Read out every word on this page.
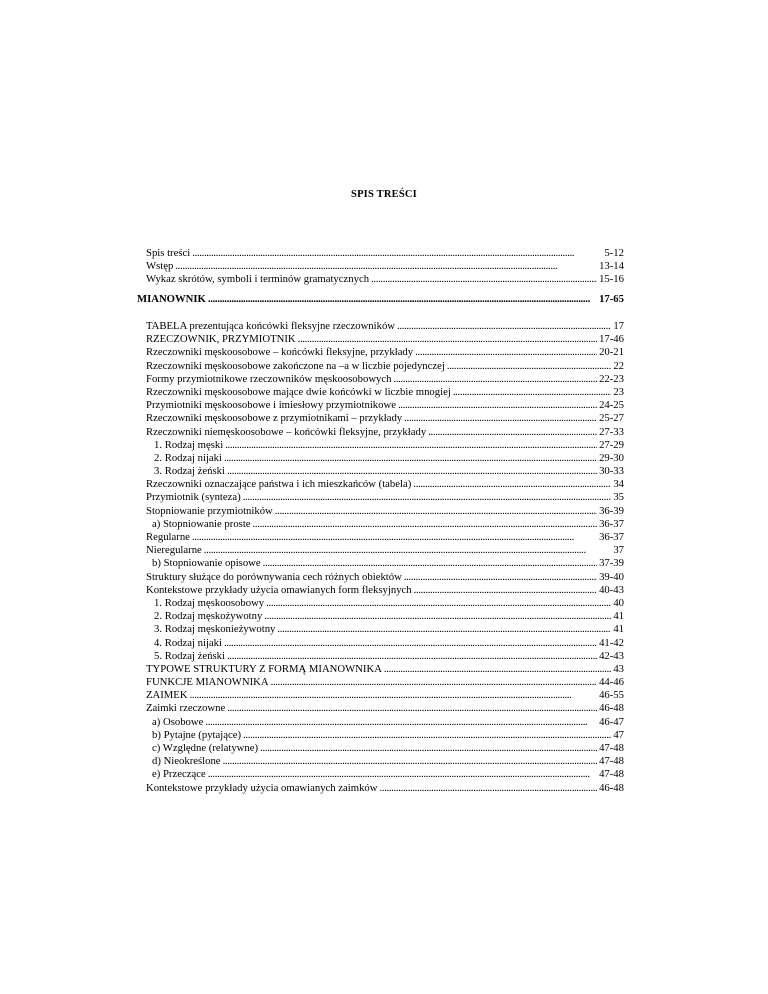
SPIS TREŚCI
Spis treści . . .	5-12
Wstęp . . .	13-14
Wykaz skrótów, symboli i terminów gramatycznych . . .	15-16
MIANOWNIK . . .	17-65
TABELA prezentująca końcówki fleksyjne rzeczowników . . .	17
RZECZOWNIK, PRZYMIOTNIK . . .	17-46
Rzeczowniki męskoosobowe – końcówki fleksyjne, przykłady . . .	20-21
Rzeczowniki męskoosobowe zakończone na –a w liczbie pojedynczej . . .	22
Formy przymiotnikowe rzeczowników męskoosobowych . . .	22-23
Rzeczowniki męskoosobowe mające dwie końcówki w liczbie mnogiej . . .	23
Przymiotniki męskoosobowe i imiesłowy przymiotnikowe . . .	24-25
Rzeczowniki męskoosobowe z przymiotnikami – przykłady . . .	25-27
Rzeczowniki niemęskoosobowe – końcówki fleksyjne, przykłady . . .	27-33
1. Rodzaj męski . . .	27-29
2. Rodzaj nijaki . . .	29-30
3. Rodzaj żeński . . .	30-33
Rzeczowniki oznaczające państwa i ich mieszkańców (tabela) . . .	34
Przymiotnik (synteza) . . .	35
Stopniowanie przymiotników . . .	36-39
a) Stopniowanie proste . . .	36-37
Regularne . . .	36-37
Nieregularne . . .	37
b) Stopniowanie opisowe . . .	37-39
Struktury służące do porównywania cech różnych obiektów . . .	39-40
Kontekstowe przykłady użycia omawianych form fleksyjnych . . .	40-43
1. Rodzaj męskoosobowy . . .	40
2. Rodzaj męskożywotny . . .	41
3. Rodzaj męskonieżywotny . . .	41
4. Rodzaj nijaki . . .	41-42
5. Rodzaj żeński . . .	42-43
TYPOWE STRUKTURY Z FORMĄ MIANOWNIKA . . .	43
FUNKCJE MIANOWNIKA . . .	44-46
ZAIMEK . . .	46-55
Zaimki rzeczowne . . .	46-48
a) Osobowe . . .	46-47
b) Pytajne (pytające) . . .	47
c) Względne (relatywne) . . .	47-48
d) Nieokreślone . . .	47-48
e) Przeczące . . .	47-48
Kontekstowe przykłady użycia omawianych zaimków . . .	46-48
